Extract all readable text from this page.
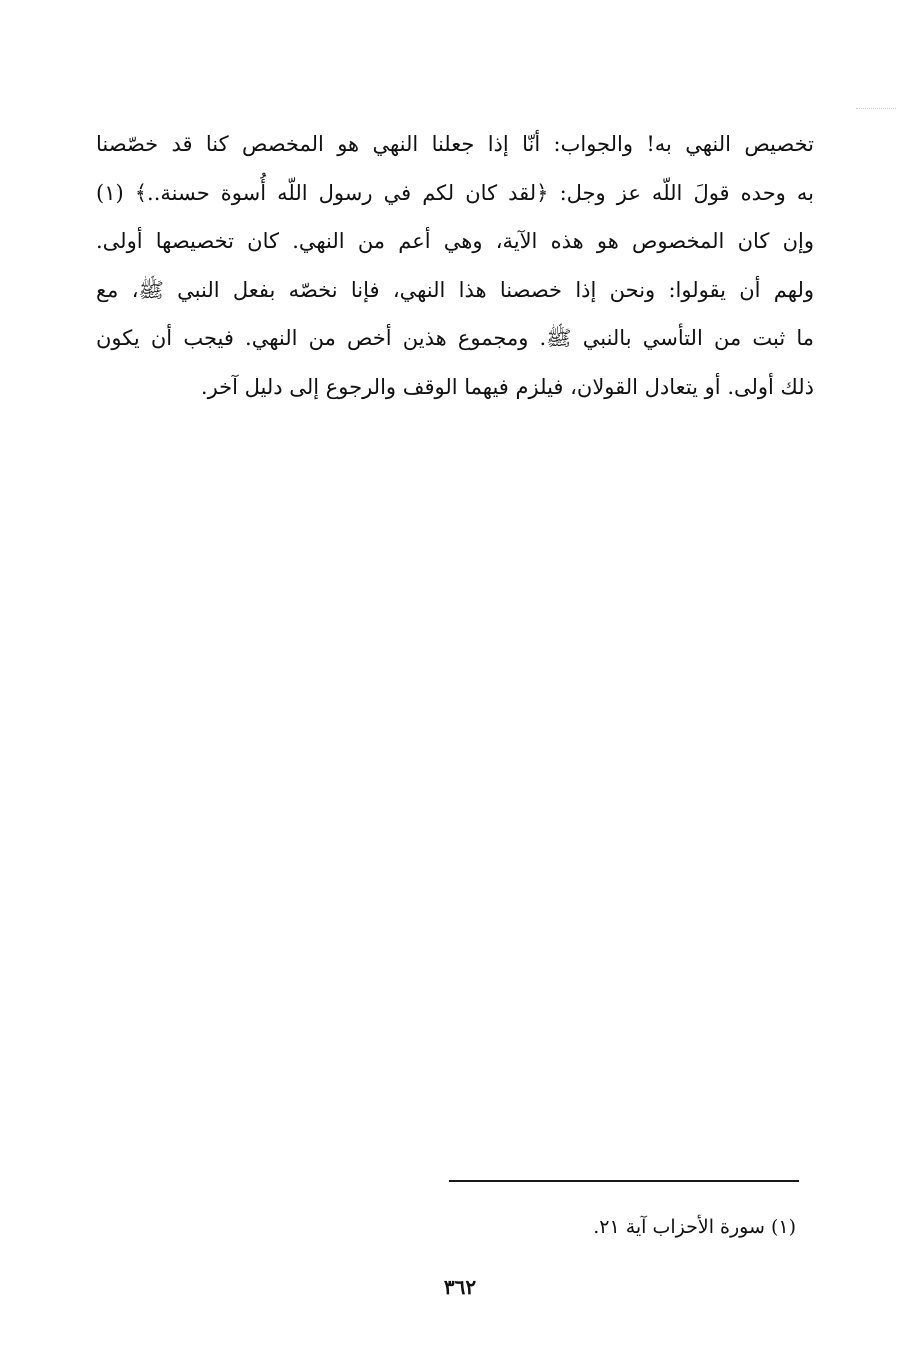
تخصيص النهي به! والجواب: أنّا إذا جعلنا النهي هو المخصص كنا قد خصّصنا
به وحده قولَ اللّه عز وجل: ﴿لقد كان لكم في رسول اللّه أُسوة حسنة..﴾ (١)
وإن كان المخصوص هو هذه الآية، وهي أعم من النهي. كان تخصيصها أولى.
ولهم أن يقولوا: ونحن إذا خصصنا هذا النهي، فإنا نخصّه بفعل النبي ﷺ، مع
ما ثبت من التأسي بالنبي ﷺ. ومجموع هذين أخص من النهي. فيجب أن يكون
ذلك أولى. أو يتعادل القولان، فيلزم فيهما الوقف والرجوع إلى دليل آخر.
(١) سورة الأحزاب آية ٢١.
٣٦٢
